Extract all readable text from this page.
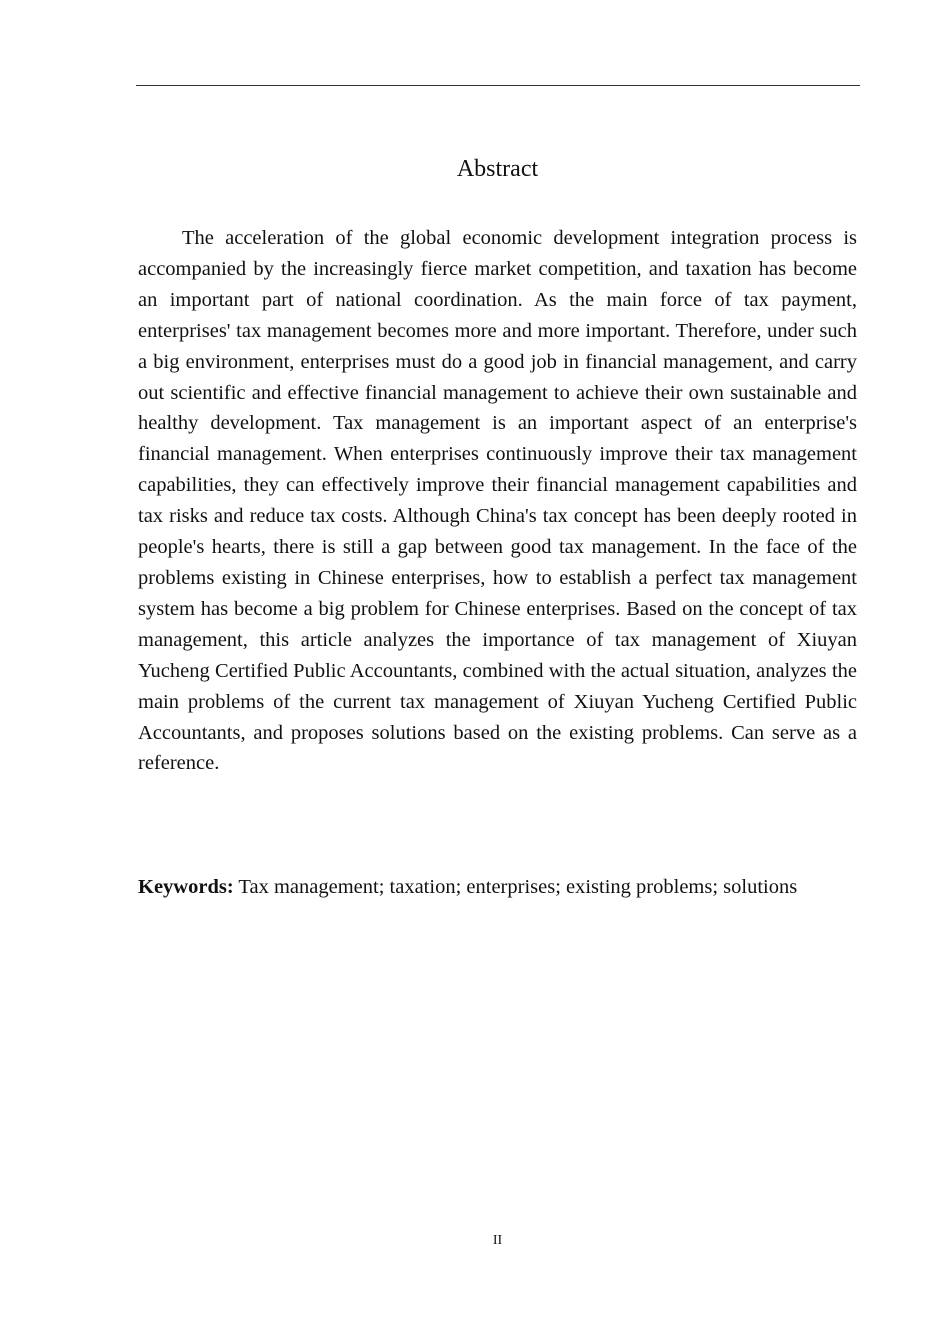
Abstract

The acceleration of the global economic development integration process is accompanied by the increasingly fierce market competition, and taxation has become an important part of national coordination. As the main force of tax payment, enterprises' tax management becomes more and more important. Therefore, under such a big environment, enterprises must do a good job in financial management, and carry out scientific and effective financial management to achieve their own sustainable and healthy development. Tax management is an important aspect of an enterprise's financial management. When enterprises continuously improve their tax management capabilities, they can effectively improve their financial management capabilities and tax risks and reduce tax costs. Although China's tax concept has been deeply rooted in people's hearts, there is still a gap between good tax management. In the face of the problems existing in Chinese enterprises, how to establish a perfect tax management system has become a big problem for Chinese enterprises. Based on the concept of tax management, this article analyzes the importance of tax management of Xiuyan Yucheng Certified Public Accountants, combined with the actual situation, analyzes the main problems of the current tax management of Xiuyan Yucheng Certified Public Accountants, and proposes solutions based on the existing problems. Can serve as a reference.

Keywords: Tax management; taxation; enterprises; existing problems; solutions

II
